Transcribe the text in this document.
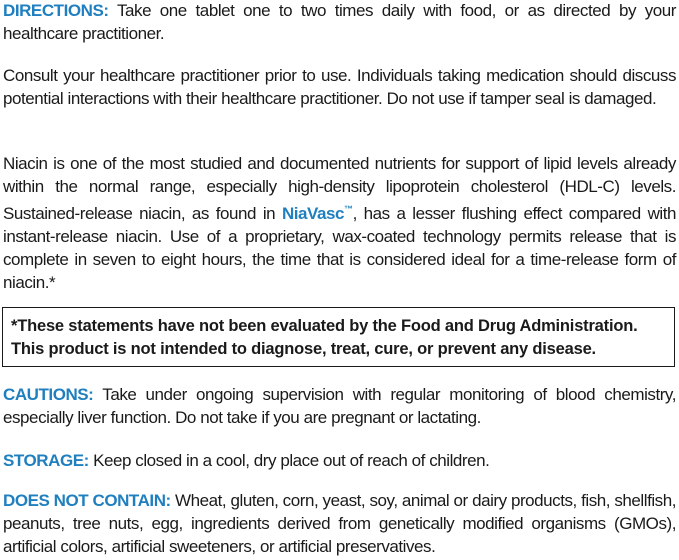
DIRECTIONS: Take one tablet one to two times daily with food, or as directed by your healthcare practitioner.

Consult your healthcare practitioner prior to use. Individuals taking medication should discuss potential interactions with their healthcare practitioner. Do not use if tamper seal is damaged.

Niacin is one of the most studied and documented nutrients for support of lipid levels already within the normal range, especially high-density lipoprotein cholesterol (HDL-C) levels. Sustained-release niacin, as found in NiaVasc™, has a lesser flushing effect compared with instant-release niacin. Use of a proprietary, wax-coated technology permits release that is complete in seven to eight hours, the time that is considered ideal for a time-release form of niacin.*

*These statements have not been evaluated by the Food and Drug Administration.
This product is not intended to diagnose, treat, cure, or prevent any disease.

CAUTIONS: Take under ongoing supervision with regular monitoring of blood chemistry, especially liver function. Do not take if you are pregnant or lactating.

STORAGE: Keep closed in a cool, dry place out of reach of children.

DOES NOT CONTAIN: Wheat, gluten, corn, yeast, soy, animal or dairy products, fish, shellfish, peanuts, tree nuts, egg, ingredients derived from genetically modified organisms (GMOs), artificial colors, artificial sweeteners, or artificial preservatives.
